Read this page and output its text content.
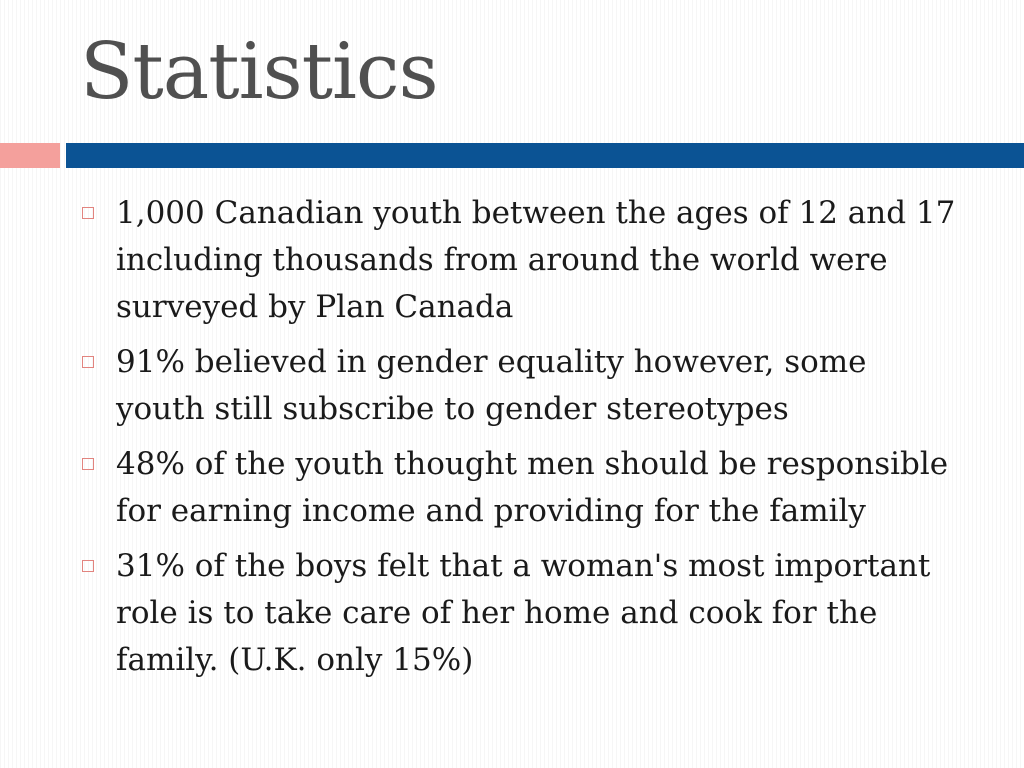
Statistics
1,000 Canadian youth between the ages of 12 and 17 including thousands from around the world were surveyed by Plan Canada
91% believed in gender equality however, some youth still subscribe to gender stereotypes
48% of the youth thought men should be responsible for earning income and providing for the family
31% of the boys felt that a woman's most important role is to take care of her home and cook for the family. (U.K. only 15%)
